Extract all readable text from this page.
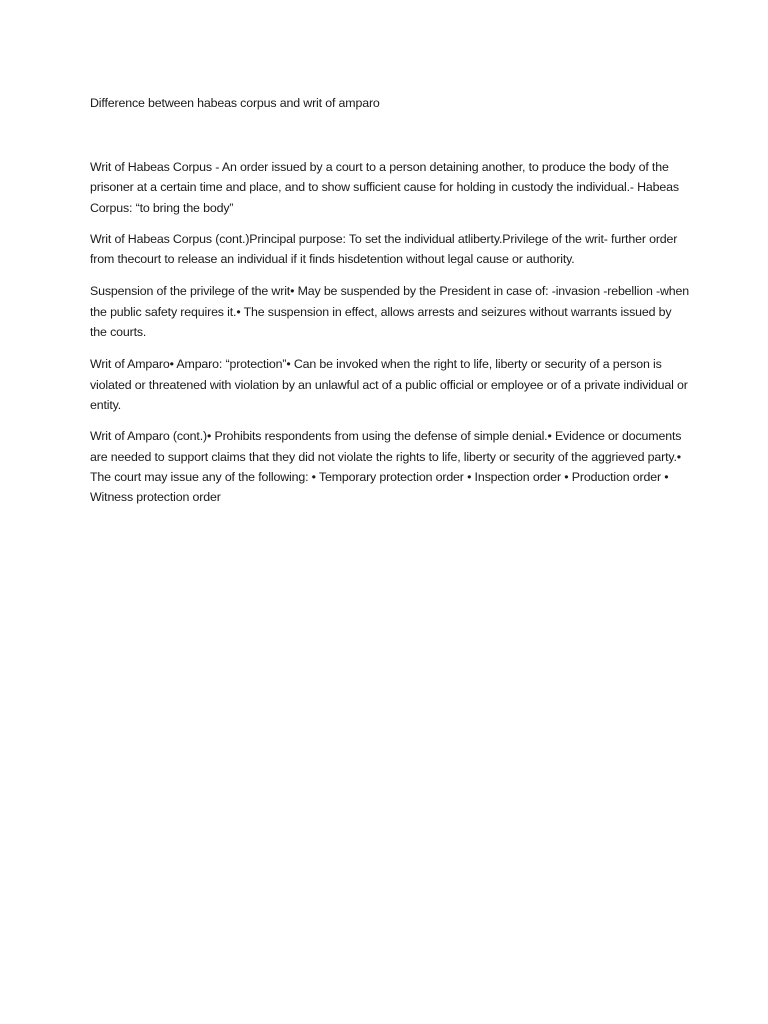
Difference between habeas corpus and writ of amparo

Writ of Habeas Corpus - An order issued by a court to a person detaining another, to produce the body of the prisoner at a certain time and place, and to show sufficient cause for holding in custody the individual.- Habeas Corpus: “to bring the body”

Writ of Habeas Corpus (cont.)Principal purpose: To set the individual atliberty.Privilege of the writ- further order from thecourt to release an individual if it finds hisdetention without legal cause or authority.

Suspension of the privilege of the writ• May be suspended by the President in case of: -invasion -rebellion -when the public safety requires it.• The suspension in effect, allows arrests and seizures without warrants issued by the courts.

Writ of Amparo• Amparo: “protection”• Can be invoked when the right to life, liberty or security of a person is violated or threatened with violation by an unlawful act of a public official or employee or of a private individual or entity.

Writ of Amparo (cont.)• Prohibits respondents from using the defense of simple denial.• Evidence or documents are needed to support claims that they did not violate the rights to life, liberty or security of the aggrieved party.• The court may issue any of the following: • Temporary protection order • Inspection order • Production order • Witness protection order
